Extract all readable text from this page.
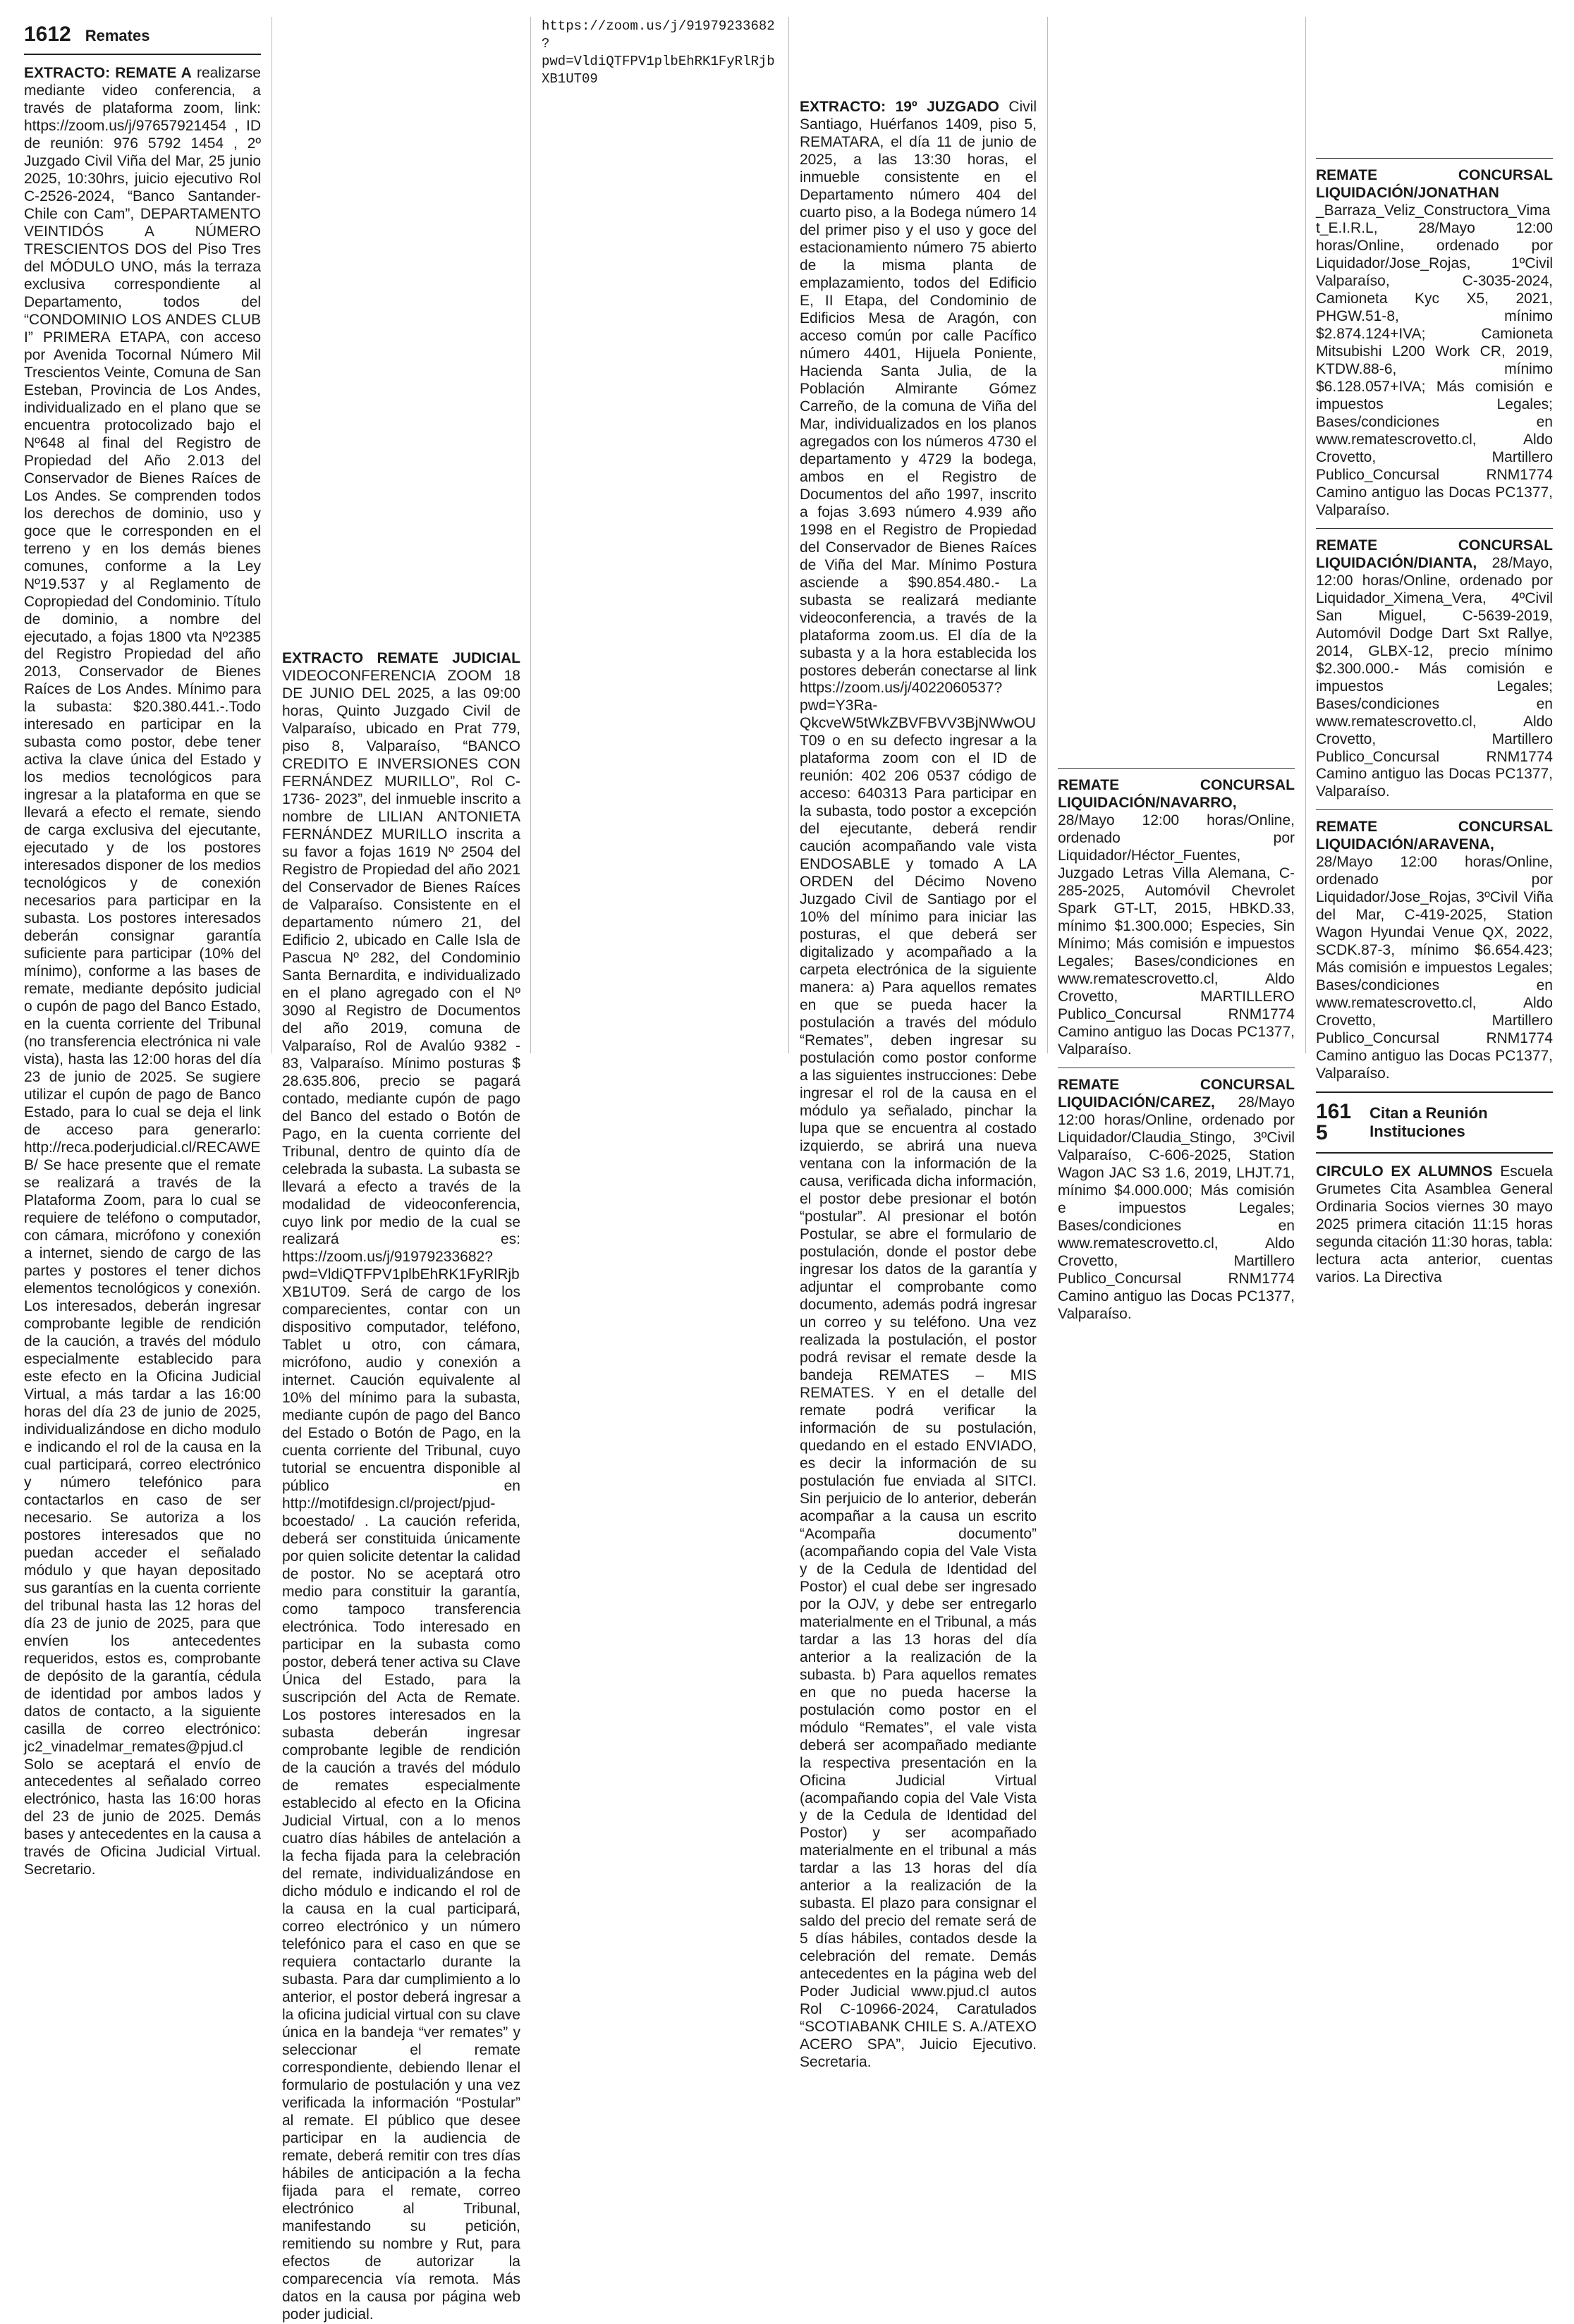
1612 Remates
EXTRACTO: REMATE A realizarse mediante video conferencia, a través de plataforma zoom, link: https://zoom.us/j/97657921454 , ID de reunión: 976 5792 1454 , 2º Juzgado Civil Viña del Mar, 25 junio 2025, 10:30hrs, juicio ejecutivo Rol C-2526-2024, “Banco Santander-Chile con Cam”, DEPARTAMENTO VEINTIDÓS A NÚMERO TRESCIENTOS DOS del Piso Tres del MÓDULO UNO, más la terraza exclusiva correspondiente al Departamento, todos del “CONDOMINIO LOS ANDES CLUB I” PRIMERA ETAPA, con acceso por Avenida Tocornal Número Mil Trescientos Veinte, Comuna de San Esteban, Provincia de Los Andes, individualizado en el plano que se encuentra protocolizado bajo el Nº648 al final del Registro de Propiedad del Año 2.013 del Conservador de Bienes Raíces de Los Andes. Se comprenden todos los derechos de dominio, uso y goce que le corresponden en el terreno y en los demás bienes comunes, conforme a la Ley Nº19.537 y al Reglamento de Copropiedad del Condominio. Título de dominio, a nombre del ejecutado, a fojas 1800 vta Nº2385 del Registro Propiedad del año 2013, Conservador de Bienes Raíces de Los Andes. Mínimo para la subasta: $20.380.441.-.Todo interesado en participar en la subasta como postor, debe tener activa la clave única del Estado y los medios tecnológicos para ingresar a la plataforma en que se llevará a efecto el remate, siendo de carga exclusiva del ejecutante, ejecutado y de los postores interesados disponer de los medios tecnológicos y de conexión necesarios para participar en la subasta. Los postores interesados deberán consignar garantía suficiente para participar (10% del mínimo), conforme a las bases de remate, mediante depósito judicial o cupón de pago del Banco Estado, en la cuenta corriente del Tribunal (no transferencia electrónica ni vale vista), hasta las 12:00 horas del día 23 de junio de 2025. Se sugiere utilizar el cupón de pago de Banco Estado, para lo cual se deja el link de acceso para generarlo: http://reca.poderjudicial.cl/RECAWEB/ Se hace presente que el remate se realizará a través de la Plataforma Zoom, para lo cual se requiere de teléfono o computador, con cámara, micrófono y conexión a internet, siendo de cargo de las partes y postores el tener dichos elementos tecnológicos y conexión. Los interesados, deberán ingresar comprobante legible de rendición de la caución, a través del módulo especialmente establecido para este efecto en la Oficina Judicial Virtual, a más tardar a las 16:00 horas del día 23 de junio de 2025, individualizándose en dicho modulo e indicando el rol de la causa en la cual participará, correo electrónico y número telefónico para contactarlos en caso de ser necesario. Se autoriza a los postores interesados que no puedan acceder el señalado módulo y que hayan depositado sus garantías en la cuenta corriente del tribunal hasta las 12 horas del día 23 de junio de 2025, para que envíen los antecedentes requeridos, estos es, comprobante de depósito de la garantía, cédula de identidad por ambos lados y datos de contacto, a la siguiente casilla de correo electrónico: jc2_vinadelmar_remates@pjud.cl Solo se aceptará el envío de antecedentes al señalado correo electrónico, hasta las 16:00 horas del 23 de junio de 2025. Demás bases y antecedentes en la causa a través de Oficina Judicial Virtual. Secretario.
EXTRACTO REMATE JUDICIAL VIDEOCONFERENCIA ZOOM 18 DE JUNIO DEL 2025, a las 09:00 horas, Quinto Juzgado Civil de Valparaíso, ubicado en Prat 779, piso 8, Valparaíso, “BANCO CREDITO E INVERSIONES CON FERNÁNDEZ MURILLO”, Rol C-1736- 2023”, del inmueble inscrito a nombre de LILIAN ANTONIETA FERNÁNDEZ MURILLO inscrita a su favor a fojas 1619 Nº 2504 del Registro de Propiedad del año 2021 del Conservador de Bienes Raíces de Valparaíso. Consistente en el departamento número 21, del Edificio 2, ubicado en Calle Isla de Pascua Nº 282, del Condominio Santa Bernardita, e individualizado en el plano agregado con el Nº 3090 al Registro de Documentos del año 2019, comuna de Valparaíso, Rol de Avalúo 9382 - 83, Valparaíso. Mínimo posturas $ 28.635.806, precio se pagará contado, mediante cupón de pago del Banco del estado o Botón de Pago, en la cuenta corriente del Tribunal, dentro de quinto día de celebrada la subasta. La subasta se llevará a efecto a través de la modalidad de videoconferencia, cuyo link por medio de la cual se realizará es: https://zoom.us/j/91979233682?pwd=VldiQTFPV1plbEhRK1FyRlRjbXB1UT09. Será de cargo de los comparecientes, contar con un dispositivo computador, teléfono, Tablet u otro, con cámara, micrófono, audio y conexión a internet. Caución equivalente al 10% del mínimo para la subasta, mediante cupón de pago del Banco del Estado o Botón de Pago, en la cuenta corriente del Tribunal, cuyo tutorial se encuentra disponible al público en http://motifdesign.cl/project/pjud-bcoestado/ . La caución referida, deberá ser constituida únicamente por quien solicite detentar la calidad de postor. No se aceptará otro medio para constituir la garantía, como tampoco transferencia electrónica. Todo interesado en participar en la subasta como postor, deberá tener activa su Clave Única del Estado, para la suscripción del Acta de Remate. Los postores interesados en la subasta deberán ingresar comprobante legible de rendición de la caución a través del módulo de remates especialmente establecido al efecto en la Oficina Judicial Virtual, con a lo menos cuatro días hábiles de antelación a la fecha fijada para la celebración del remate, individualizándose en dicho módulo e indicando el rol de la causa en la cual participará, correo electrónico y un número telefónico para el caso en que se requiera contactarlo durante la subasta. Para dar cumplimiento a lo anterior, el postor deberá ingresar a la oficina judicial virtual con su clave única en la bandeja “ver remates” y seleccionar el remate correspondiente, debiendo llenar el formulario de postulación y una vez verificada la información “Postular” al remate. El público que desee participar en la audiencia de remate, deberá remitir con tres días hábiles de anticipación a la fecha fijada para el remate, correo electrónico al Tribunal, manifestando su petición, remitiendo su nombre y Rut, para efectos de autorizar la comparecencia vía remota. Más datos en la causa por página web poder judicial.
https://zoom.us/j/91979233682?pwd=VldiQTFPV1plbEhRK1FyRlRjbXB1UT09
EXTRACTO: 19º JUZGADO Civil Santiago, Huérfanos 1409, piso 5, REMATARA, el día 11 de junio de 2025, a las 13:30 horas, el inmueble consistente en el Departamento número 404 del cuarto piso, a la Bodega número 14 del primer piso y el uso y goce del estacionamiento número 75 abierto de la misma planta de emplazamiento, todos del Edificio E, II Etapa, del Condominio de Edificios Mesa de Aragón, con acceso común por calle Pacífico número 4401, Hijuela Poniente, Hacienda Santa Julia, de la Población Almirante Gómez Carreño, de la comuna de Viña del Mar, individualizados en los planos agregados con los números 4730 el departamento y 4729 la bodega, ambos en el Registro de Documentos del año 1997, inscrito a fojas 3.693 número 4.939 año 1998 en el Registro de Propiedad del Conservador de Bienes Raíces de Viña del Mar. Mínimo Postura asciende a $90.854.480.- La subasta se realizará mediante videoconferencia, a través de la plataforma zoom.us. El día de la subasta y a la hora establecida los postores deberán conectarse al link https://zoom.us/j/4022060537?pwd=Y3Ra-QkcveW5tWkZBVFBVV3BjNWwOUT09 o en su defecto ingresar a la plataforma zoom con el ID de reunión: 402 206 0537 código de acceso: 640313 Para participar en la subasta, todo postor a excepción del ejecutante, deberá rendir caución acompañando vale vista ENDOSABLE y tomado A LA ORDEN del Décimo Noveno Juzgado Civil de Santiago por el 10% del mínimo para iniciar las posturas, el que deberá ser digitalizado y acompañado a la carpeta electrónica de la siguiente manera: a) Para aquellos remates en que se pueda hacer la postulación a través del módulo “Remates”, deben ingresar su postulación como postor conforme a las siguientes instrucciones: Debe ingresar el rol de la causa en el módulo ya señalado, pinchar la lupa que se encuentra al costado izquierdo, se abrirá una nueva ventana con la información de la causa, verificada dicha información, el postor debe presionar el botón “postular”. Al presionar el botón Postular, se abre el formulario de postulación, donde el postor debe ingresar los datos de la garantía y adjuntar el comprobante como documento, además podrá ingresar un correo y su teléfono. Una vez realizada la postulación, el postor podrá revisar el remate desde la bandeja REMATES – MIS REMATES. Y en el detalle del remate podrá verificar la información de su postulación, quedando en el estado ENVIADO, es decir la información de su postulación fue enviada al SITCI. Sin perjuicio de lo anterior, deberán acompañar a la causa un escrito “Acompaña documento” (acompañando copia del Vale Vista y de la Cedula de Identidad del Postor) el cual debe ser ingresado por la OJV, y debe ser entregarlo materialmente en el Tribunal, a más tardar a las 13 horas del día anterior a la realización de la subasta. b) Para aquellos remates en que no pueda hacerse la postulación como postor en el módulo “Remates”, el vale vista deberá ser acompañado mediante la respectiva presentación en la Oficina Judicial Virtual (acompañando copia del Vale Vista y de la Cedula de Identidad del Postor) y ser acompañado materialmente en el tribunal a más tardar a las 13 horas del día anterior a la realización de la subasta. El plazo para consignar el saldo del precio del remate será de 5 días hábiles, contados desde la celebración del remate. Demás antecedentes en la página web del Poder Judicial www.pjud.cl autos Rol C-10966-2024, Caratulados “SCOTIABANK CHILE S. A./ATEXO ACERO SPA”, Juicio Ejecutivo. Secretaria.
REMATE CONCURSAL LIQUIDACIÓN/NAVARRO, 28/Mayo 12:00 horas/Online, ordenado por Liquidador/Héctor_Fuentes, Juzgado Letras Villa Alemana, C-285-2025, Automóvil Chevrolet Spark GT-LT, 2015, HBKD.33, mínimo $1.300.000; Especies, Sin Mínimo; Más comisión e impuestos Legales; Bases/condiciones en www.rematescrovetto.cl, Aldo Crovetto, MARTILLERO Publico_Concursal RNM1774 Camino antiguo las Docas PC1377, Valparaíso.
REMATE CONCURSAL LIQUIDACIÓN/CAREZ, 28/Mayo 12:00 horas/Online, ordenado por Liquidador/Claudia_Stingo, 3ºCivil Valparaíso, C-606-2025, Station Wagon JAC S3 1.6, 2019, LHJT.71, mínimo $4.000.000; Más comisión e impuestos Legales; Bases/condiciones en www.rematescrovetto.cl, Aldo Crovetto, Martillero Publico_Concursal RNM1774 Camino antiguo las Docas PC1377, Valparaíso.
REMATE CONCURSAL LIQUIDACIÓN/JONATHAN _Barraza_Veliz_Constructora_Vimat_E.I.R.L, 28/Mayo 12:00 horas/Online, ordenado por Liquidador/Jose_Rojas, 1ºCivil Valparaíso, C-3035-2024, Camioneta Kyc X5, 2021, PHGW.51-8, mínimo $2.874.124+IVA; Camioneta Mitsubishi L200 Work CR, 2019, KTDW.88-6, mínimo $6.128.057+IVA; Más comisión e impuestos Legales; Bases/condiciones en www.rematescrovetto.cl, Aldo Crovetto, Martillero Publico_Concursal RNM1774 Camino antiguo las Docas PC1377, Valparaíso.
REMATE CONCURSAL LIQUIDACIÓN/DIANTA, 28/Mayo, 12:00 horas/Online, ordenado por Liquidador_Ximena_Vera, 4ºCivil San Miguel, C-5639-2019, Automóvil Dodge Dart Sxt Rallye, 2014, GLBX-12, precio mínimo $2.300.000.- Más comisión e impuestos Legales; Bases/condiciones en www.rematescrovetto.cl, Aldo Crovetto, Martillero Publico_Concursal RNM1774 Camino antiguo las Docas PC1377, Valparaíso.
REMATE CONCURSAL LIQUIDACIÓN/ARAVENA, 28/Mayo 12:00 horas/Online, ordenado por Liquidador/Jose_Rojas, 3ºCivil Viña del Mar, C-419-2025, Station Wagon Hyundai Venue QX, 2022, SCDK.87-3, mínimo $6.654.423; Más comisión e impuestos Legales; Bases/condiciones en www.rematescrovetto.cl, Aldo Crovetto, Martillero Publico_Concursal RNM1774 Camino antiguo las Docas PC1377, Valparaíso.
1615
Citan a Reunión Instituciones
CIRCULO EX ALUMNOS Escuela Grumetes Cita Asamblea General Ordinaria Socios viernes 30 mayo 2025 primera citación 11:15 horas segunda citación 11:30 horas, tabla: lectura acta anterior, cuentas varios. La Directiva
